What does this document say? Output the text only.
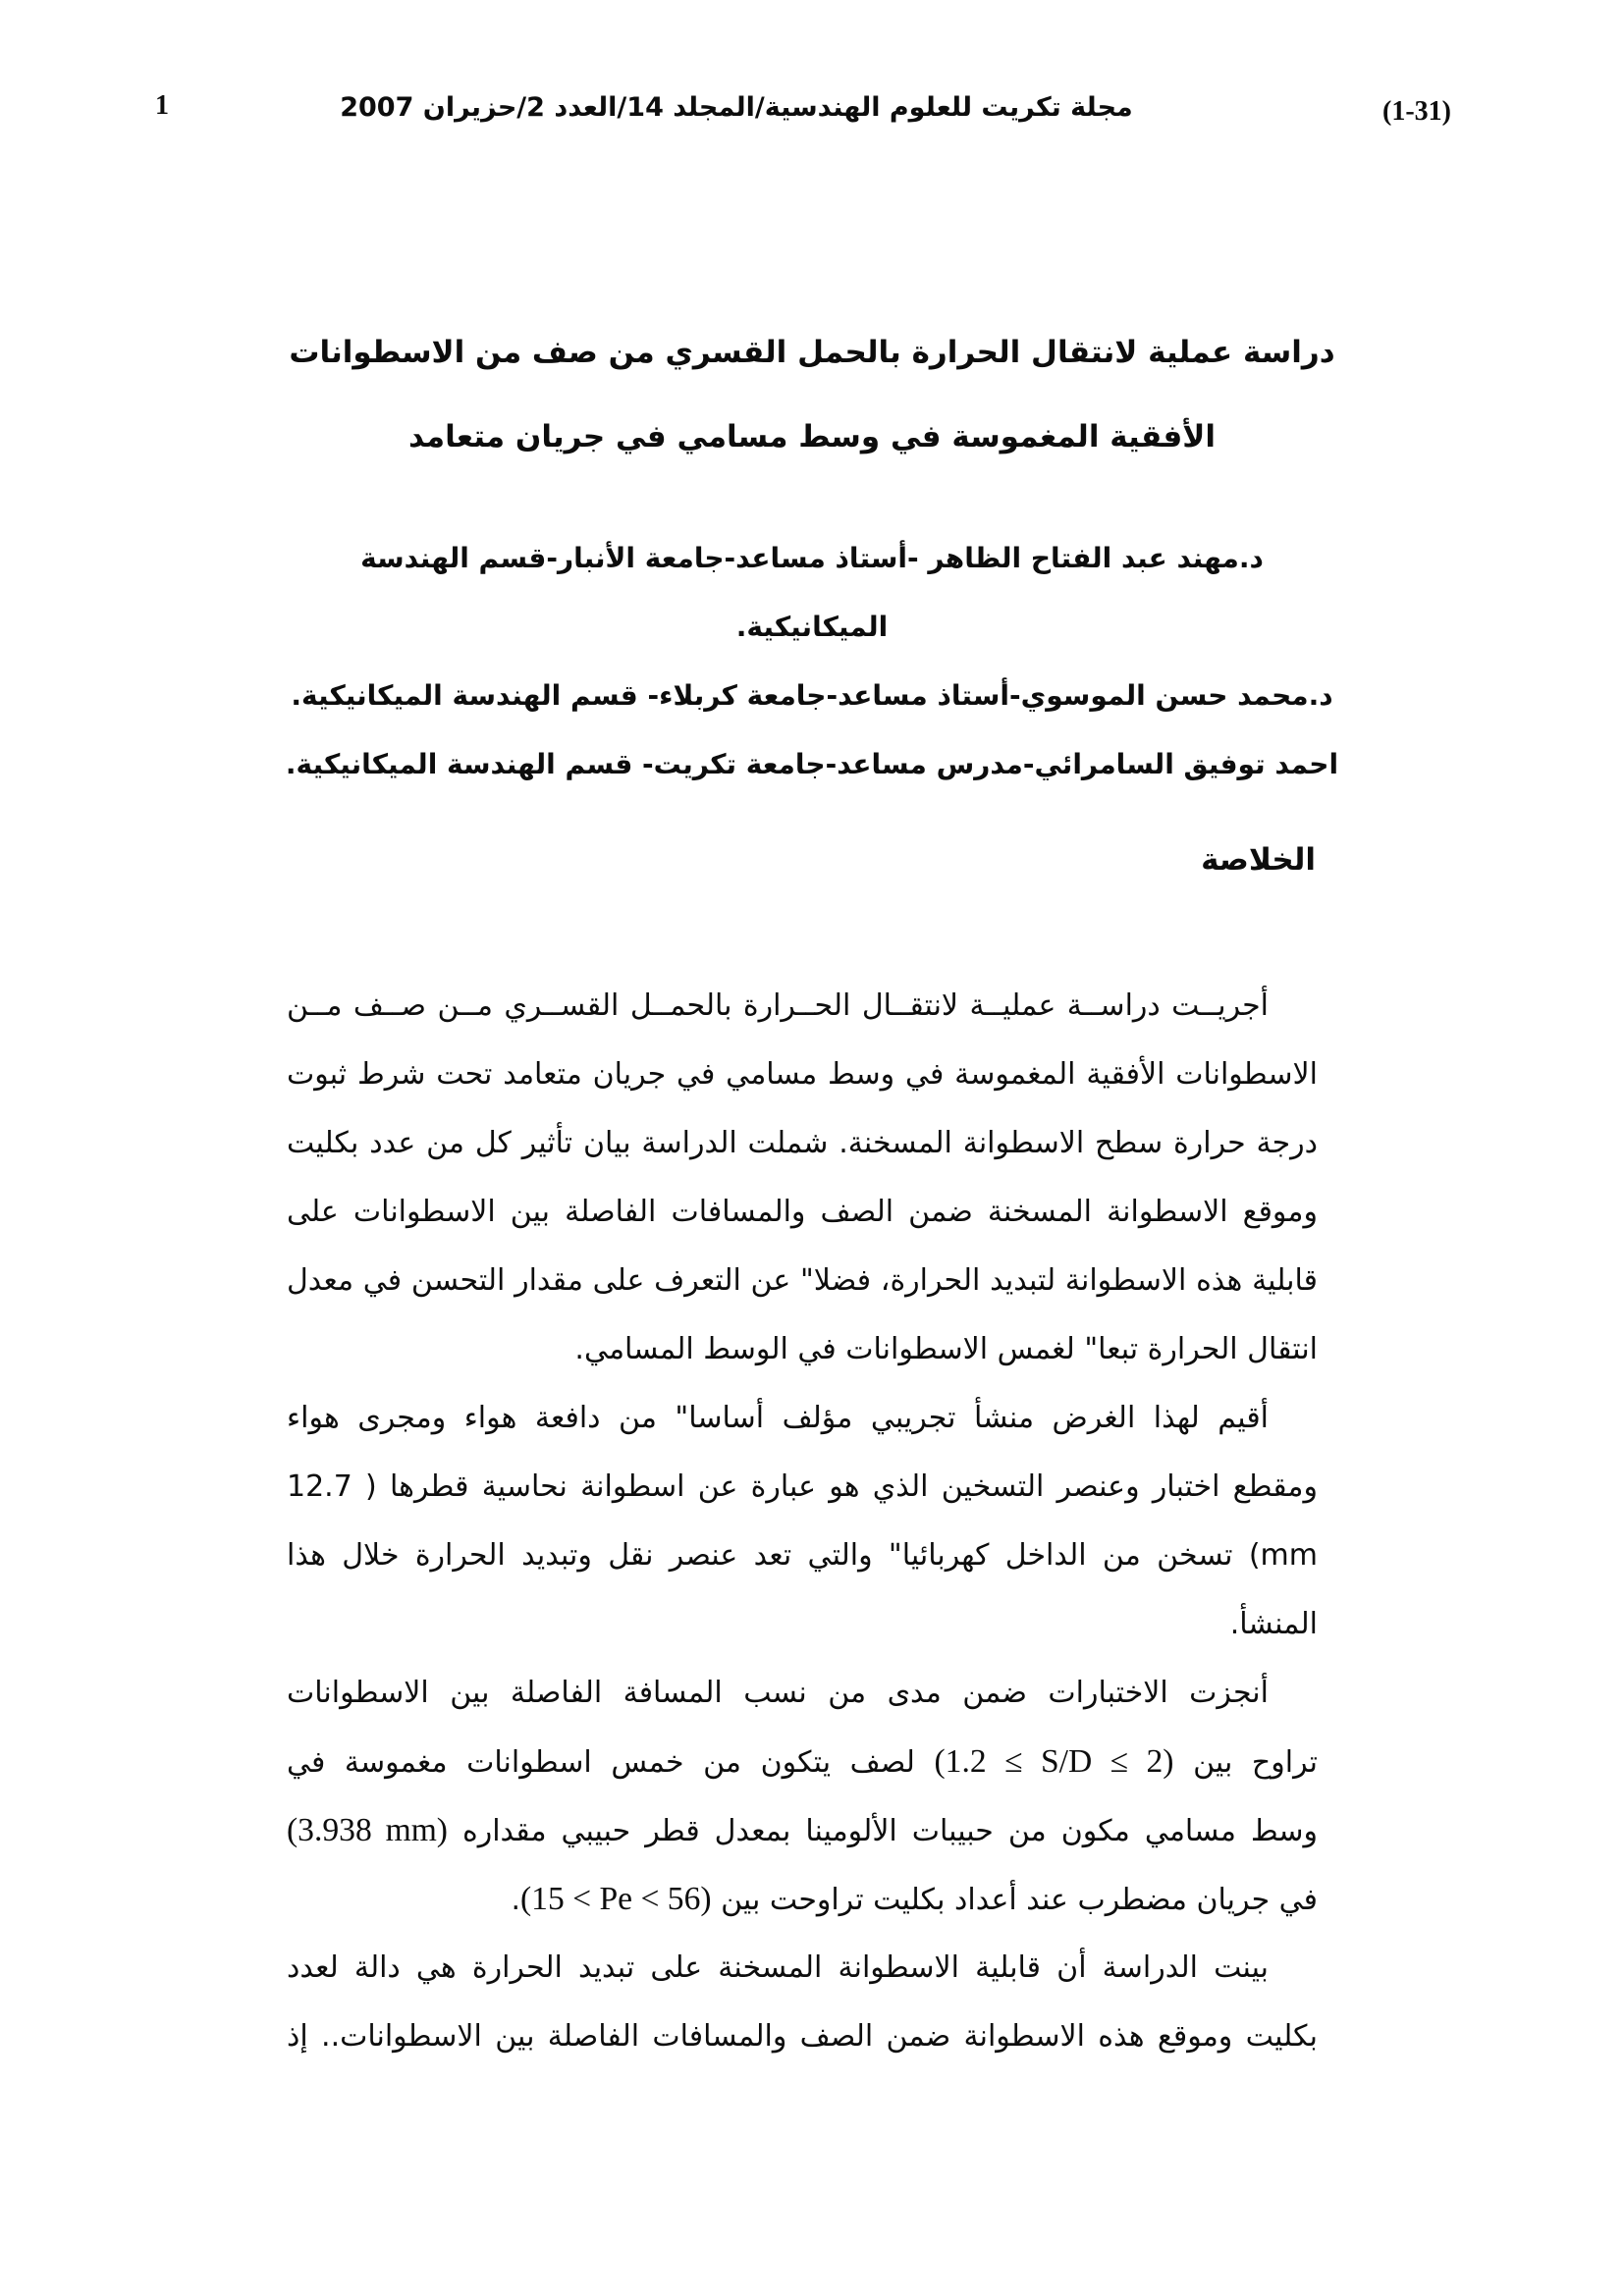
1	مجلة تكريت للعلوم الهندسية/المجلد 14/العدد 2/حزيران 2007	(1-31)
دراسة عملية لانتقال الحرارة بالحمل القسري من صف من الاسطوانات
الأفقية المغموسة في وسط مسامي في جريان متعامد
د.مهند عبد الفتاح الظاهر -أستاذ مساعد-جامعة الأنبار-قسم الهندسة
الميكانيكية.
د.محمد حسن الموسوي-أستاذ مساعد-جامعة كربلاء- قسم الهندسة الميكانيكية.
احمد توفيق السامرائي-مدرس مساعد-جامعة تكريت- قسم الهندسة الميكانيكية.
الخلاصة
أجريــت دراســة عمليــة لانتقــال الحــرارة بالحمــل القســري مــن صــف مــن
الاسطوانات الأفقية المغموسة في وسط مسامي في جريان متعامد تحت شرط ثبوت
درجة حرارة سطح الاسطوانة المسخنة. شملت الدراسة بيان تأثير كل من عدد بكليت
وموقع الاسطوانة المسخنة ضمن الصف والمسافات الفاصلة بين الاسطوانات على
قابلية هذه الاسطوانة لتبديد الحرارة، فضلا" عن التعرف على مقدار التحسن في معدل
انتقال الحرارة تبعا" لغمس الاسطوانات في الوسط المسامي.
أقيم لهذا الغرض منشأ تجريبي مؤلف أساسا" من دافعة هواء ومجرى هواء
ومقطع اختبار وعنصر التسخين الذي هو عبارة عن اسطوانة نحاسية قطرها ( 12.7
mm) تسخن من الداخل كهربائيا" والتي تعد عنصر نقل وتبديد الحرارة خلال هذا
المنشأ.
أنجزت الاختبارات ضمن مدى من نسب المسافة الفاصلة بين الاسطوانات
تراوح بين (1.2 ≤ S/D ≤ 2) لصف يتكون من خمس اسطوانات مغموسة في
وسط مسامي مكون من حبيبات الألومينا بمعدل قطر حبيبي مقداره (3.938 mm)
في جريان مضطرب عند أعداد بكليت تراوحت بين (15 < Pe < 56).
بينت الدراسة أن قابلية الاسطوانة المسخنة على تبديد الحرارة هي دالة لعدد
بكليت وموقع هذه الاسطوانة ضمن الصف والمسافات الفاصلة بين الاسطوانات.. إذ
